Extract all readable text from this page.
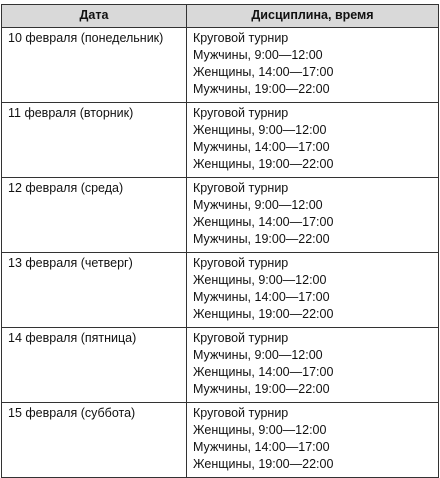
Дата	Дисциплина, время
10 февраля (понедельник)	Круговой турнир
Мужчины, 9:00—12:00
Женщины, 14:00—17:00
Мужчины, 19:00—22:00

11 февраля (вторник)	Круговой турнир
Женщины, 9:00—12:00
Мужчины, 14:00—17:00
Женщины, 19:00—22:00

12 февраля (среда)	Круговой турнир
Мужчины, 9:00—12:00
Женщины, 14:00—17:00
Мужчины, 19:00—22:00

13 февраля (четверг)	Круговой турнир
Женщины, 9:00—12:00
Мужчины, 14:00—17:00
Женщины, 19:00—22:00

14 февраля (пятница)	Круговой турнир
Мужчины, 9:00—12:00
Женщины, 14:00—17:00
Мужчины, 19:00—22:00

15 февраля (суббота)	Круговой турнир
Женщины, 9:00—12:00
Мужчины, 14:00—17:00
Женщины, 19:00—22:00
